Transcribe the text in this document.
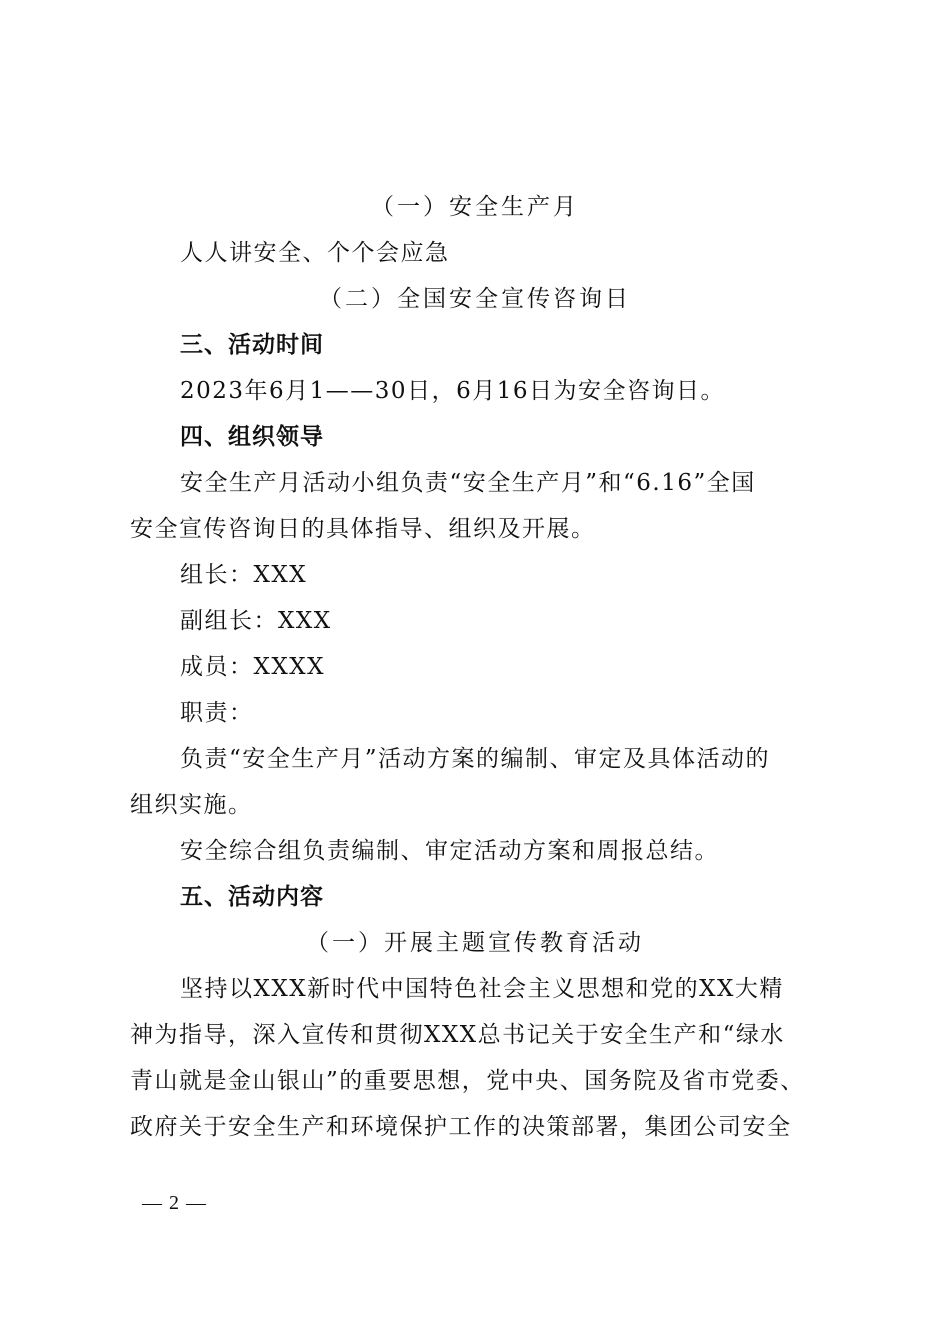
（一）安全生产月
人人讲安全、个个会应急
（二）全国安全宣传咨询日
三、活动时间
2023年6月1——30日，6月16日为安全咨询日。
四、组织领导
安全生产月活动小组负责“安全生产月”和“6.16”全国
安全宣传咨询日的具体指导、组织及开展。
组长：XXX
副组长：XXX
成员：XXXX
职责：
负责“安全生产月”活动方案的编制、审定及具体活动的
组织实施。
安全综合组负责编制、审定活动方案和周报总结。
五、活动内容
（一）开展主题宣传教育活动
坚持以XXX新时代中国特色社会主义思想和党的XX大精
神为指导，深入宣传和贯彻XXX总书记关于安全生产和“绿水
青山就是金山银山”的重要思想，党中央、国务院及省市党委、
政府关于安全生产和环境保护工作的决策部署，集团公司安全
— 2 —
